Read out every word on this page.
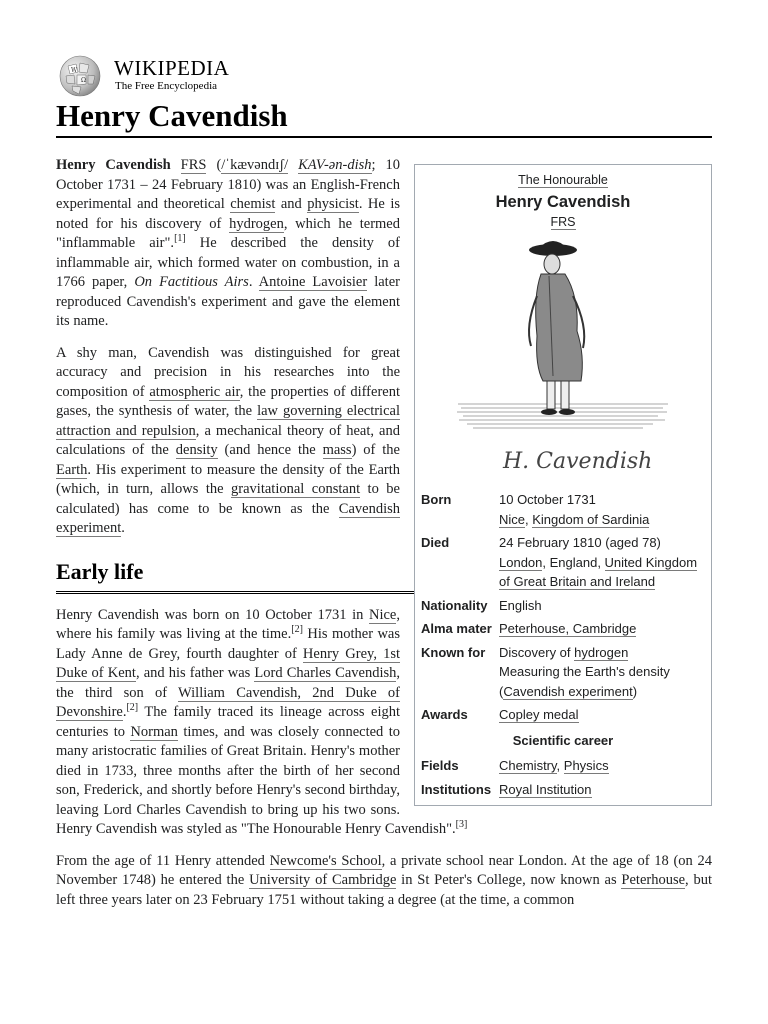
W
Ω
WIKIPEDIA
The Free Encyclopedia
Henry Cavendish
The Honourable
Henry Cavendish
FRS
H. Cavendish
Born	10 October 1731
Nice, Kingdom of Sardinia
Died	24 February 1810 (aged 78)
London, England, United Kingdom of Great Britain and Ireland
Nationality	English
Alma mater	Peterhouse, Cambridge
Known for	Discovery of hydrogen
Measuring the Earth's density
(Cavendish experiment)
Awards	Copley medal
Scientific career	
Fields	Chemistry, Physics
Institutions	Royal Institution

Henry Cavendish FRS (/ˈkævəndɪʃ/ KAV-ən-dish; 10 October 1731 – 24 February 1810) was an English-French experimental and theoretical chemist and physicist. He is noted for his discovery of hydrogen, which he termed "inflammable air".[1] He described the density of inflammable air, which formed water on combustion, in a 1766 paper, On Factitious Airs. Antoine Lavoisier later reproduced Cavendish's experiment and gave the element its name.

A shy man, Cavendish was distinguished for great accuracy and precision in his researches into the composition of atmospheric air, the properties of different gases, the synthesis of water, the law governing electrical attraction and repulsion, a mechanical theory of heat, and calculations of the density (and hence the mass) of the Earth. His experiment to measure the density of the Earth (which, in turn, allows the gravitational constant to be calculated) has come to be known as the Cavendish experiment.

Early life

Henry Cavendish was born on 10 October 1731 in Nice, where his family was living at the time.[2] His mother was Lady Anne de Grey, fourth daughter of Henry Grey, 1st Duke of Kent, and his father was Lord Charles Cavendish, the third son of William Cavendish, 2nd Duke of Devonshire.[2] The family traced its lineage across eight centuries to Norman times, and was closely connected to many aristocratic families of Great Britain. Henry's mother died in 1733, three months after the birth of her second son, Frederick, and shortly before Henry's second birthday, leaving Lord Charles Cavendish to bring up his two sons. Henry Cavendish was styled as "The Honourable Henry Cavendish".[3]

From the age of 11 Henry attended Newcome's School, a private school near London. At the age of 18 (on 24 November 1748) he entered the University of Cambridge in St Peter's College, now known as Peterhouse, but left three years later on 23 February 1751 without taking a degree (at the time, a common
